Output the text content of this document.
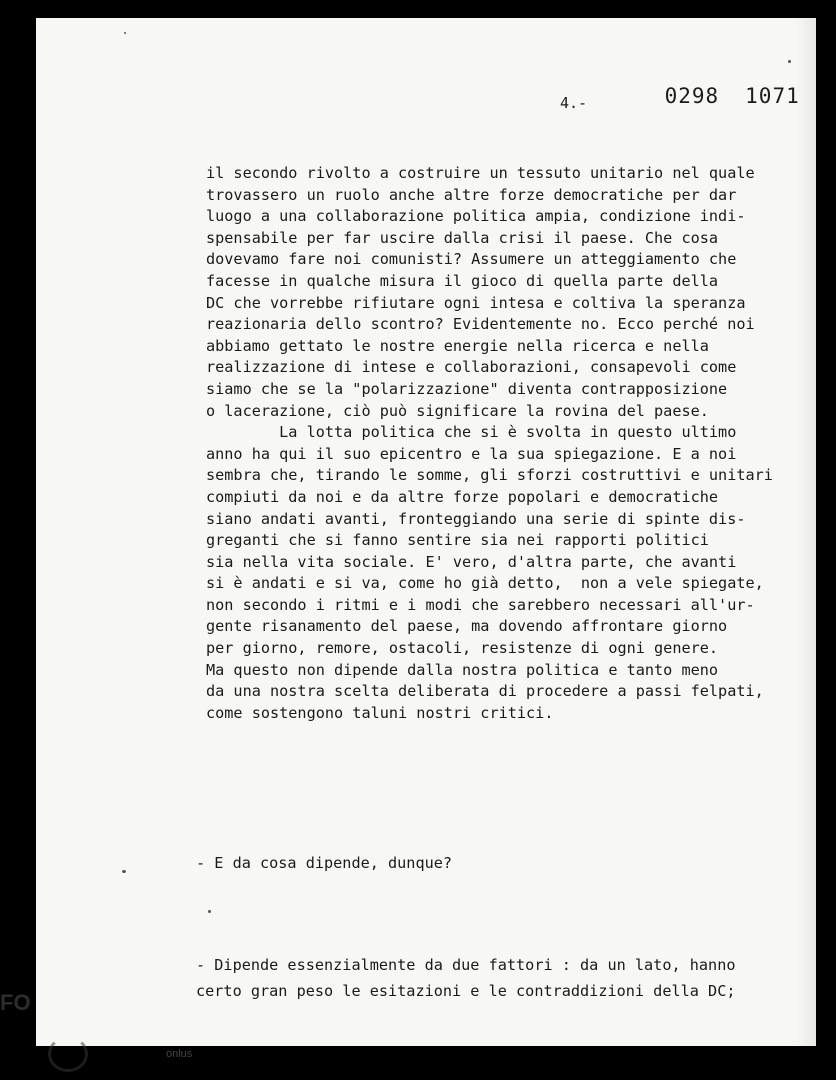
0298 1071

4.-
il secondo rivolto a costruire un tessuto unitario nel quale
trovassero un ruolo anche altre forze democratiche per dar
luogo a una collaborazione politica ampia, condizione indi-
spensabile per far uscire dalla crisi il paese. Che cosa
dovevamo fare noi comunisti? Assumere un atteggiamento che
facesse in qualche misura il gioco di quella parte della
DC che vorrebbe rifiutare ogni intesa e coltiva la speranza
reazionaria dello scontro? Evidentemente no. Ecco perché noi
abbiamo gettato le nostre energie nella ricerca e nella
realizzazione di intese e collaborazioni, consapevoli come
siamo che se la "polarizzazione" diventa contrapposizione
o lacerazione, ciò può significare la rovina del paese.
La lotta politica che si è svolta in questo ultimo
anno ha qui il suo epicentro e la sua spiegazione. E a noi
sembra che, tirando le somme, gli sforzi costruttivi e unitari
compiuti da noi e da altre forze popolari e democratiche
siano andati avanti, fronteggiando una serie di spinte dis-
greganti che si fanno sentire sia nei rapporti politici
sia nella vita sociale. E' vero, d'altra parte, che avanti
si è andati e si va, come ho già detto,  non a vele spiegate,
non secondo i ritmi e i modi che sarebbero necessari all'ur-
gente risanamento del paese, ma dovendo affrontare giorno
per giorno, remore, ostacoli, resistenze di ogni genere.
Ma questo non dipende dalla nostra politica e tanto meno
da una nostra scelta deliberata di procedere a passi felpati,
come sostengono taluni nostri critici.
- E da cosa dipende, dunque?
- Dipende essenzialmente da due fattori : da un lato, hanno
certo gran peso le esitazioni e le contraddizioni della DC;
FO
onlus
